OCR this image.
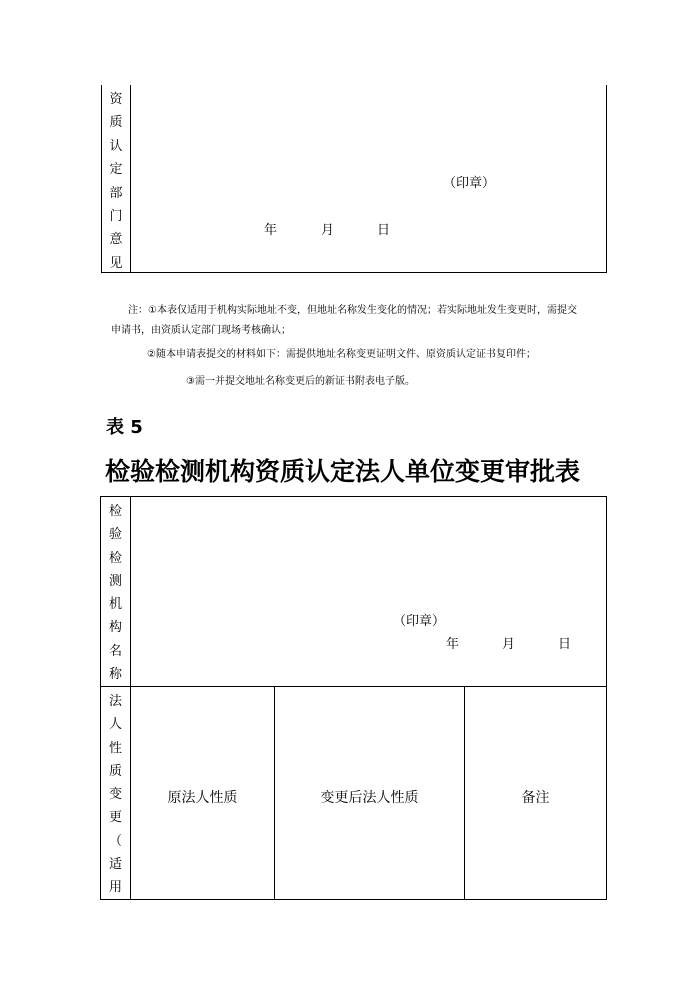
资
质
认
定
部
门
意
见
（印章）
年	月	日
注：①本表仅适用于机构实际地址不变，但地址名称发生变化的情况；若实际地址发生变更时，需提交
申请书，由资质认定部门现场考核确认；
②随本申请表提交的材料如下：需提供地址名称变更证明文件、原资质认定证书复印件；
③需一并提交地址名称变更后的新证书附表电子版。
表 5
检验检测机构资质认定法人单位变更审批表
检
验
检
测
机
构
名
称
（印章）
年	月	日
法
人
性
质
变
更
（
适
用
原法人性质	变更后法人性质	备注
